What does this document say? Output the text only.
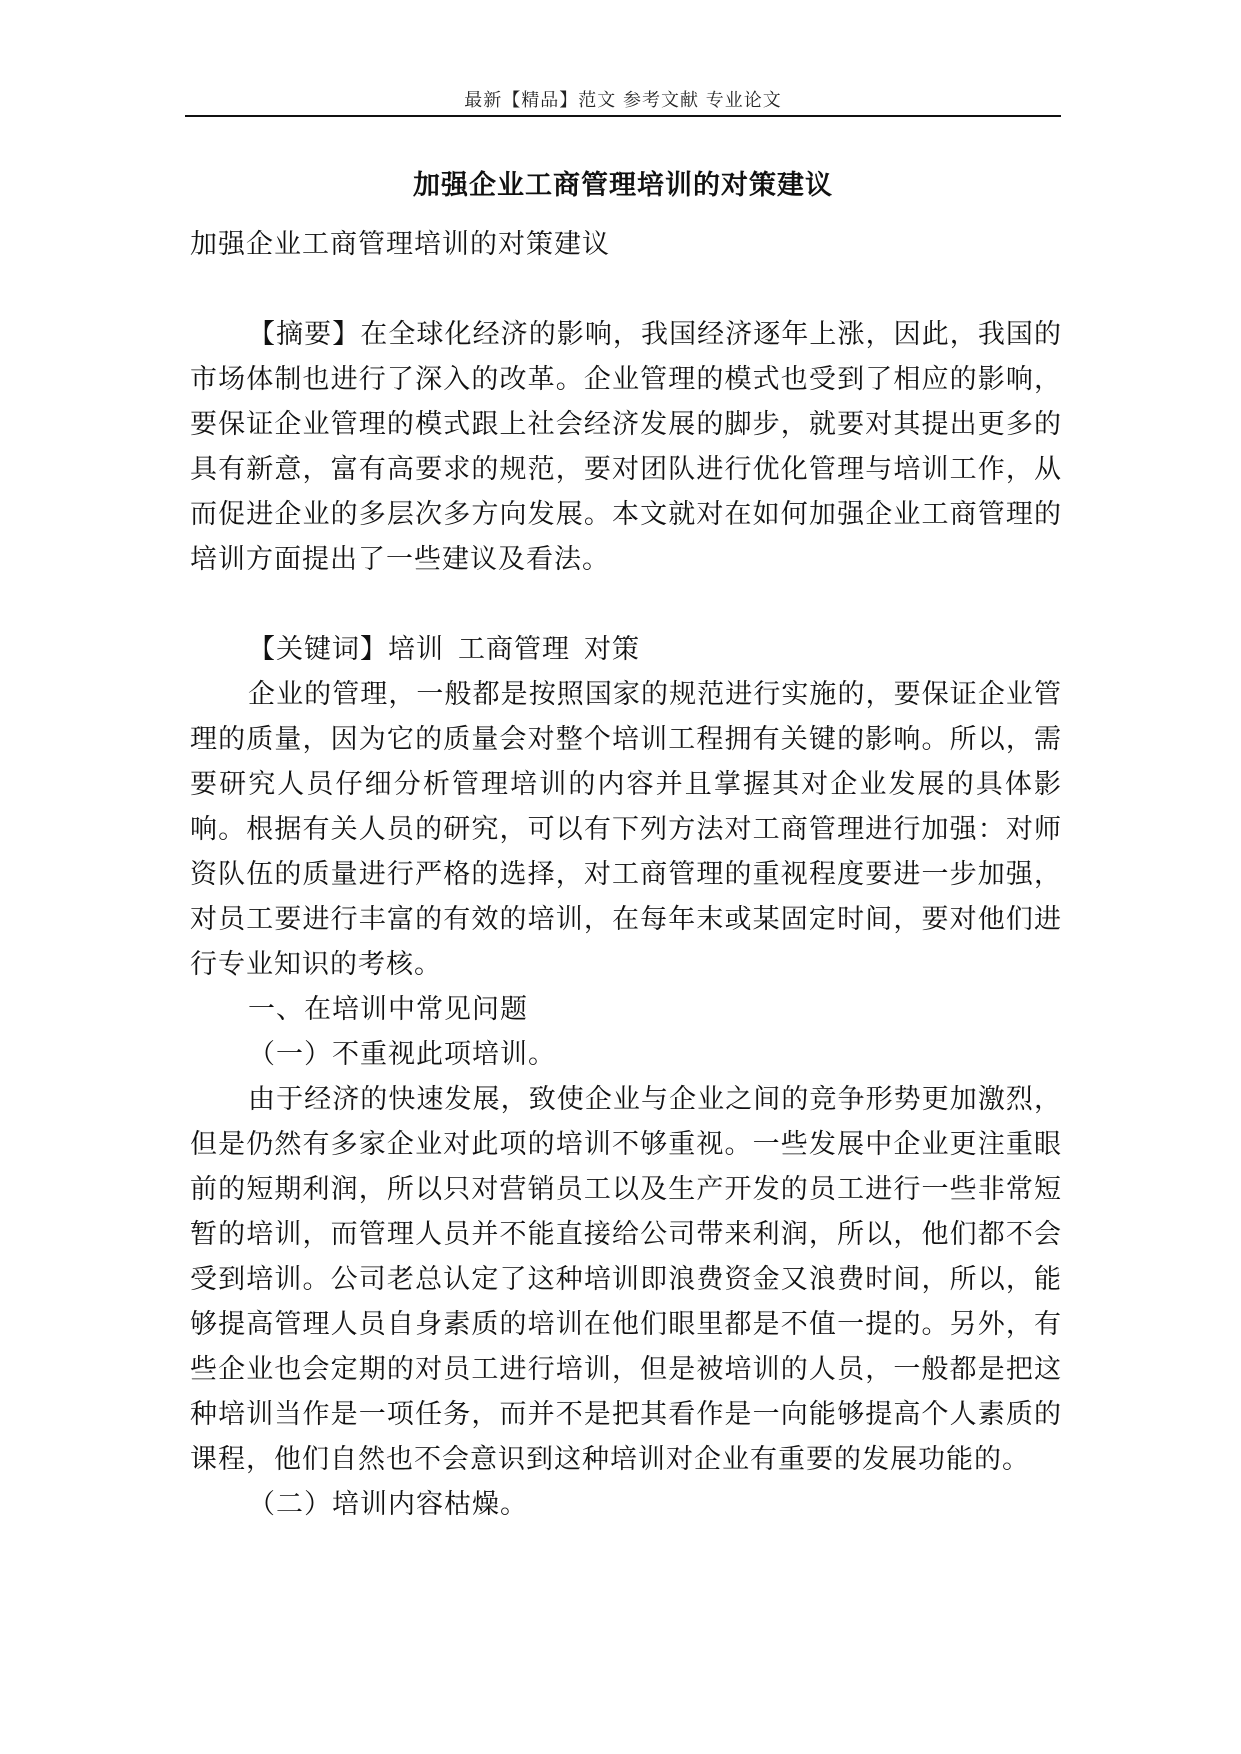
最新【精品】范文 参考文献 专业论文
加强企业工商管理培训的对策建议

加强企业工商管理培训的对策建议

【摘要】在全球化经济的影响，我国经济逐年上涨，因此，我国的市场体制也进行了深入的改革。企业管理的模式也受到了相应的影响，要保证企业管理的模式跟上社会经济发展的脚步，就要对其提出更多的具有新意，富有高要求的规范，要对团队进行优化管理与培训工作，从而促进企业的多层次多方向发展。本文就对在如何加强企业工商管理的培训方面提出了一些建议及看法。

【关键词】培训 工商管理 对策

企业的管理，一般都是按照国家的规范进行实施的，要保证企业管理的质量，因为它的质量会对整个培训工程拥有关键的影响。所以，需要研究人员仔细分析管理培训的内容并且掌握其对企业发展的具体影响。根据有关人员的研究，可以有下列方法对工商管理进行加强：对师资队伍的质量进行严格的选择，对工商管理的重视程度要进一步加强，对员工要进行丰富的有效的培训，在每年末或某固定时间，要对他们进行专业知识的考核。

一、在培训中常见问题

（一）不重视此项培训。

由于经济的快速发展，致使企业与企业之间的竞争形势更加激烈，但是仍然有多家企业对此项的培训不够重视。一些发展中企业更注重眼前的短期利润，所以只对营销员工以及生产开发的员工进行一些非常短暂的培训，而管理人员并不能直接给公司带来利润，所以，他们都不会受到培训。公司老总认定了这种培训即浪费资金又浪费时间，所以，能够提高管理人员自身素质的培训在他们眼里都是不值一提的。另外，有些企业也会定期的对员工进行培训，但是被培训的人员，一般都是把这种培训当作是一项任务，而并不是把其看作是一向能够提高个人素质的课程，他们自然也不会意识到这种培训对企业有重要的发展功能的。

（二）培训内容枯燥。
